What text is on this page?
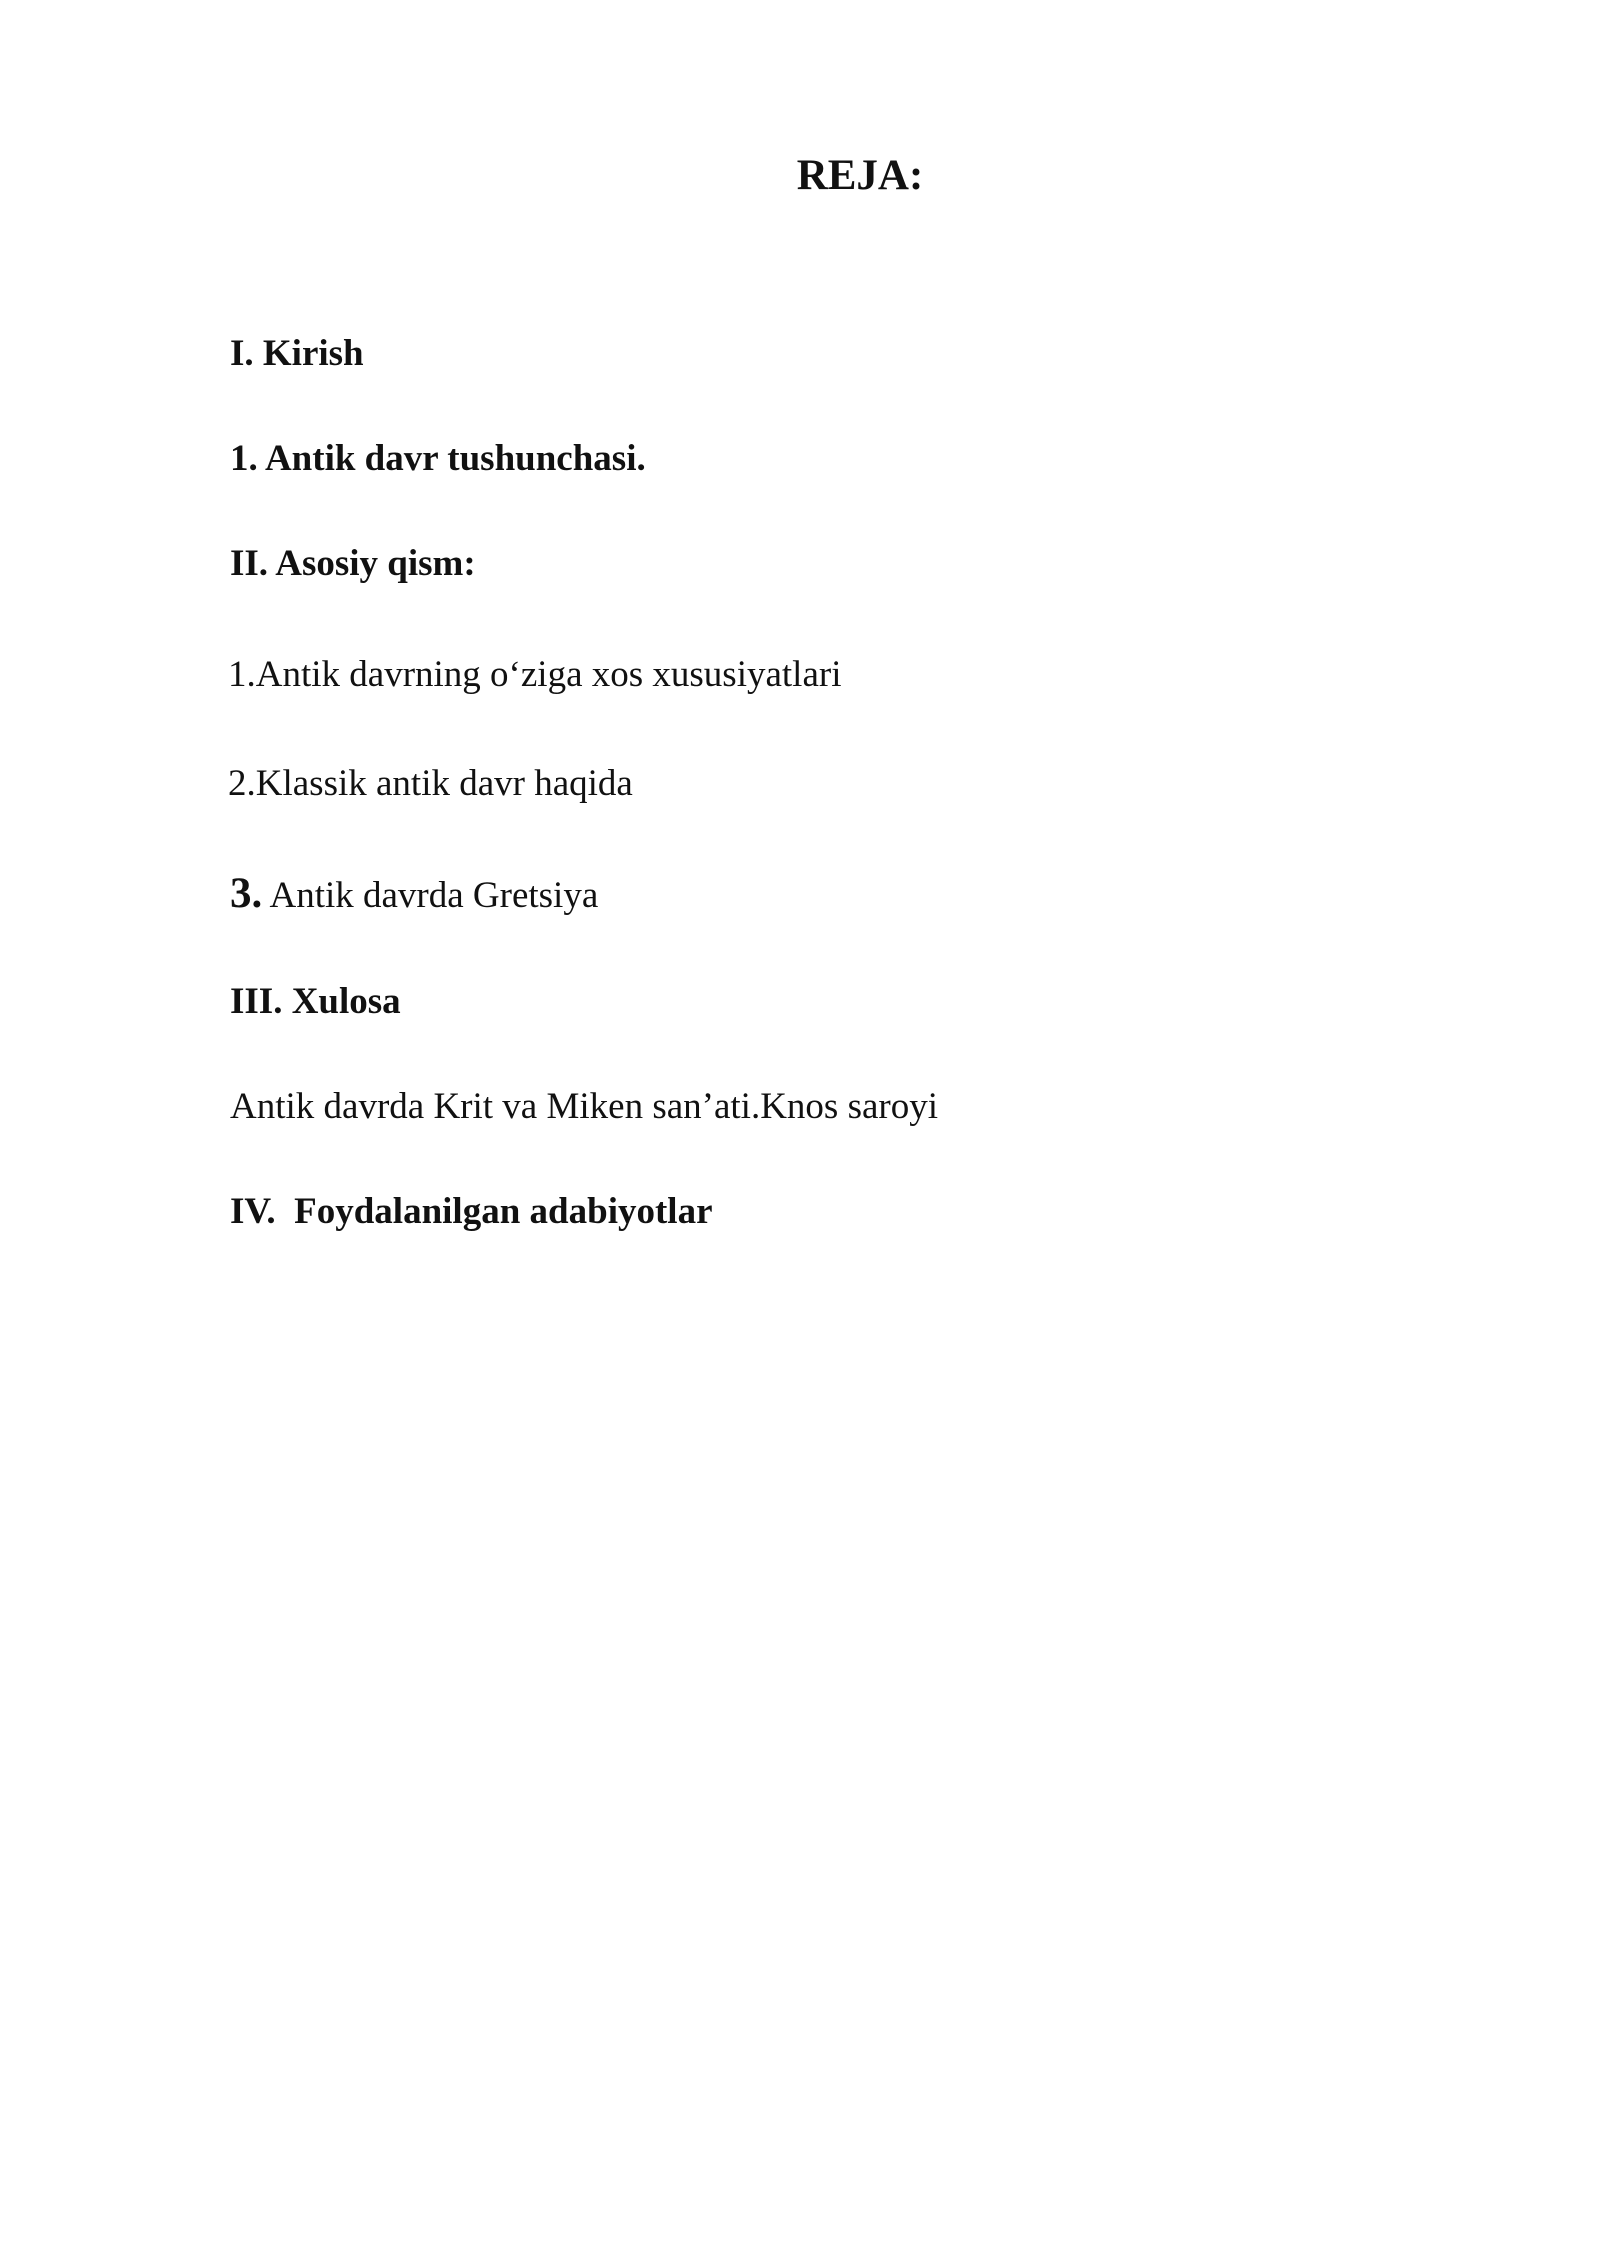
REJA:
I. Kirish
1. Antik davr tushunchasi.
II. Asosiy qism:
1.Antik davrning o‘ziga xos xususiyatlari
2.Klassik antik davr haqida
3. Antik davrda Gretsiya
III. Xulosa
Antik davrda Krit va Miken san’ati.Knos saroyi
IV. Foydalanilgan adabiyotlar
